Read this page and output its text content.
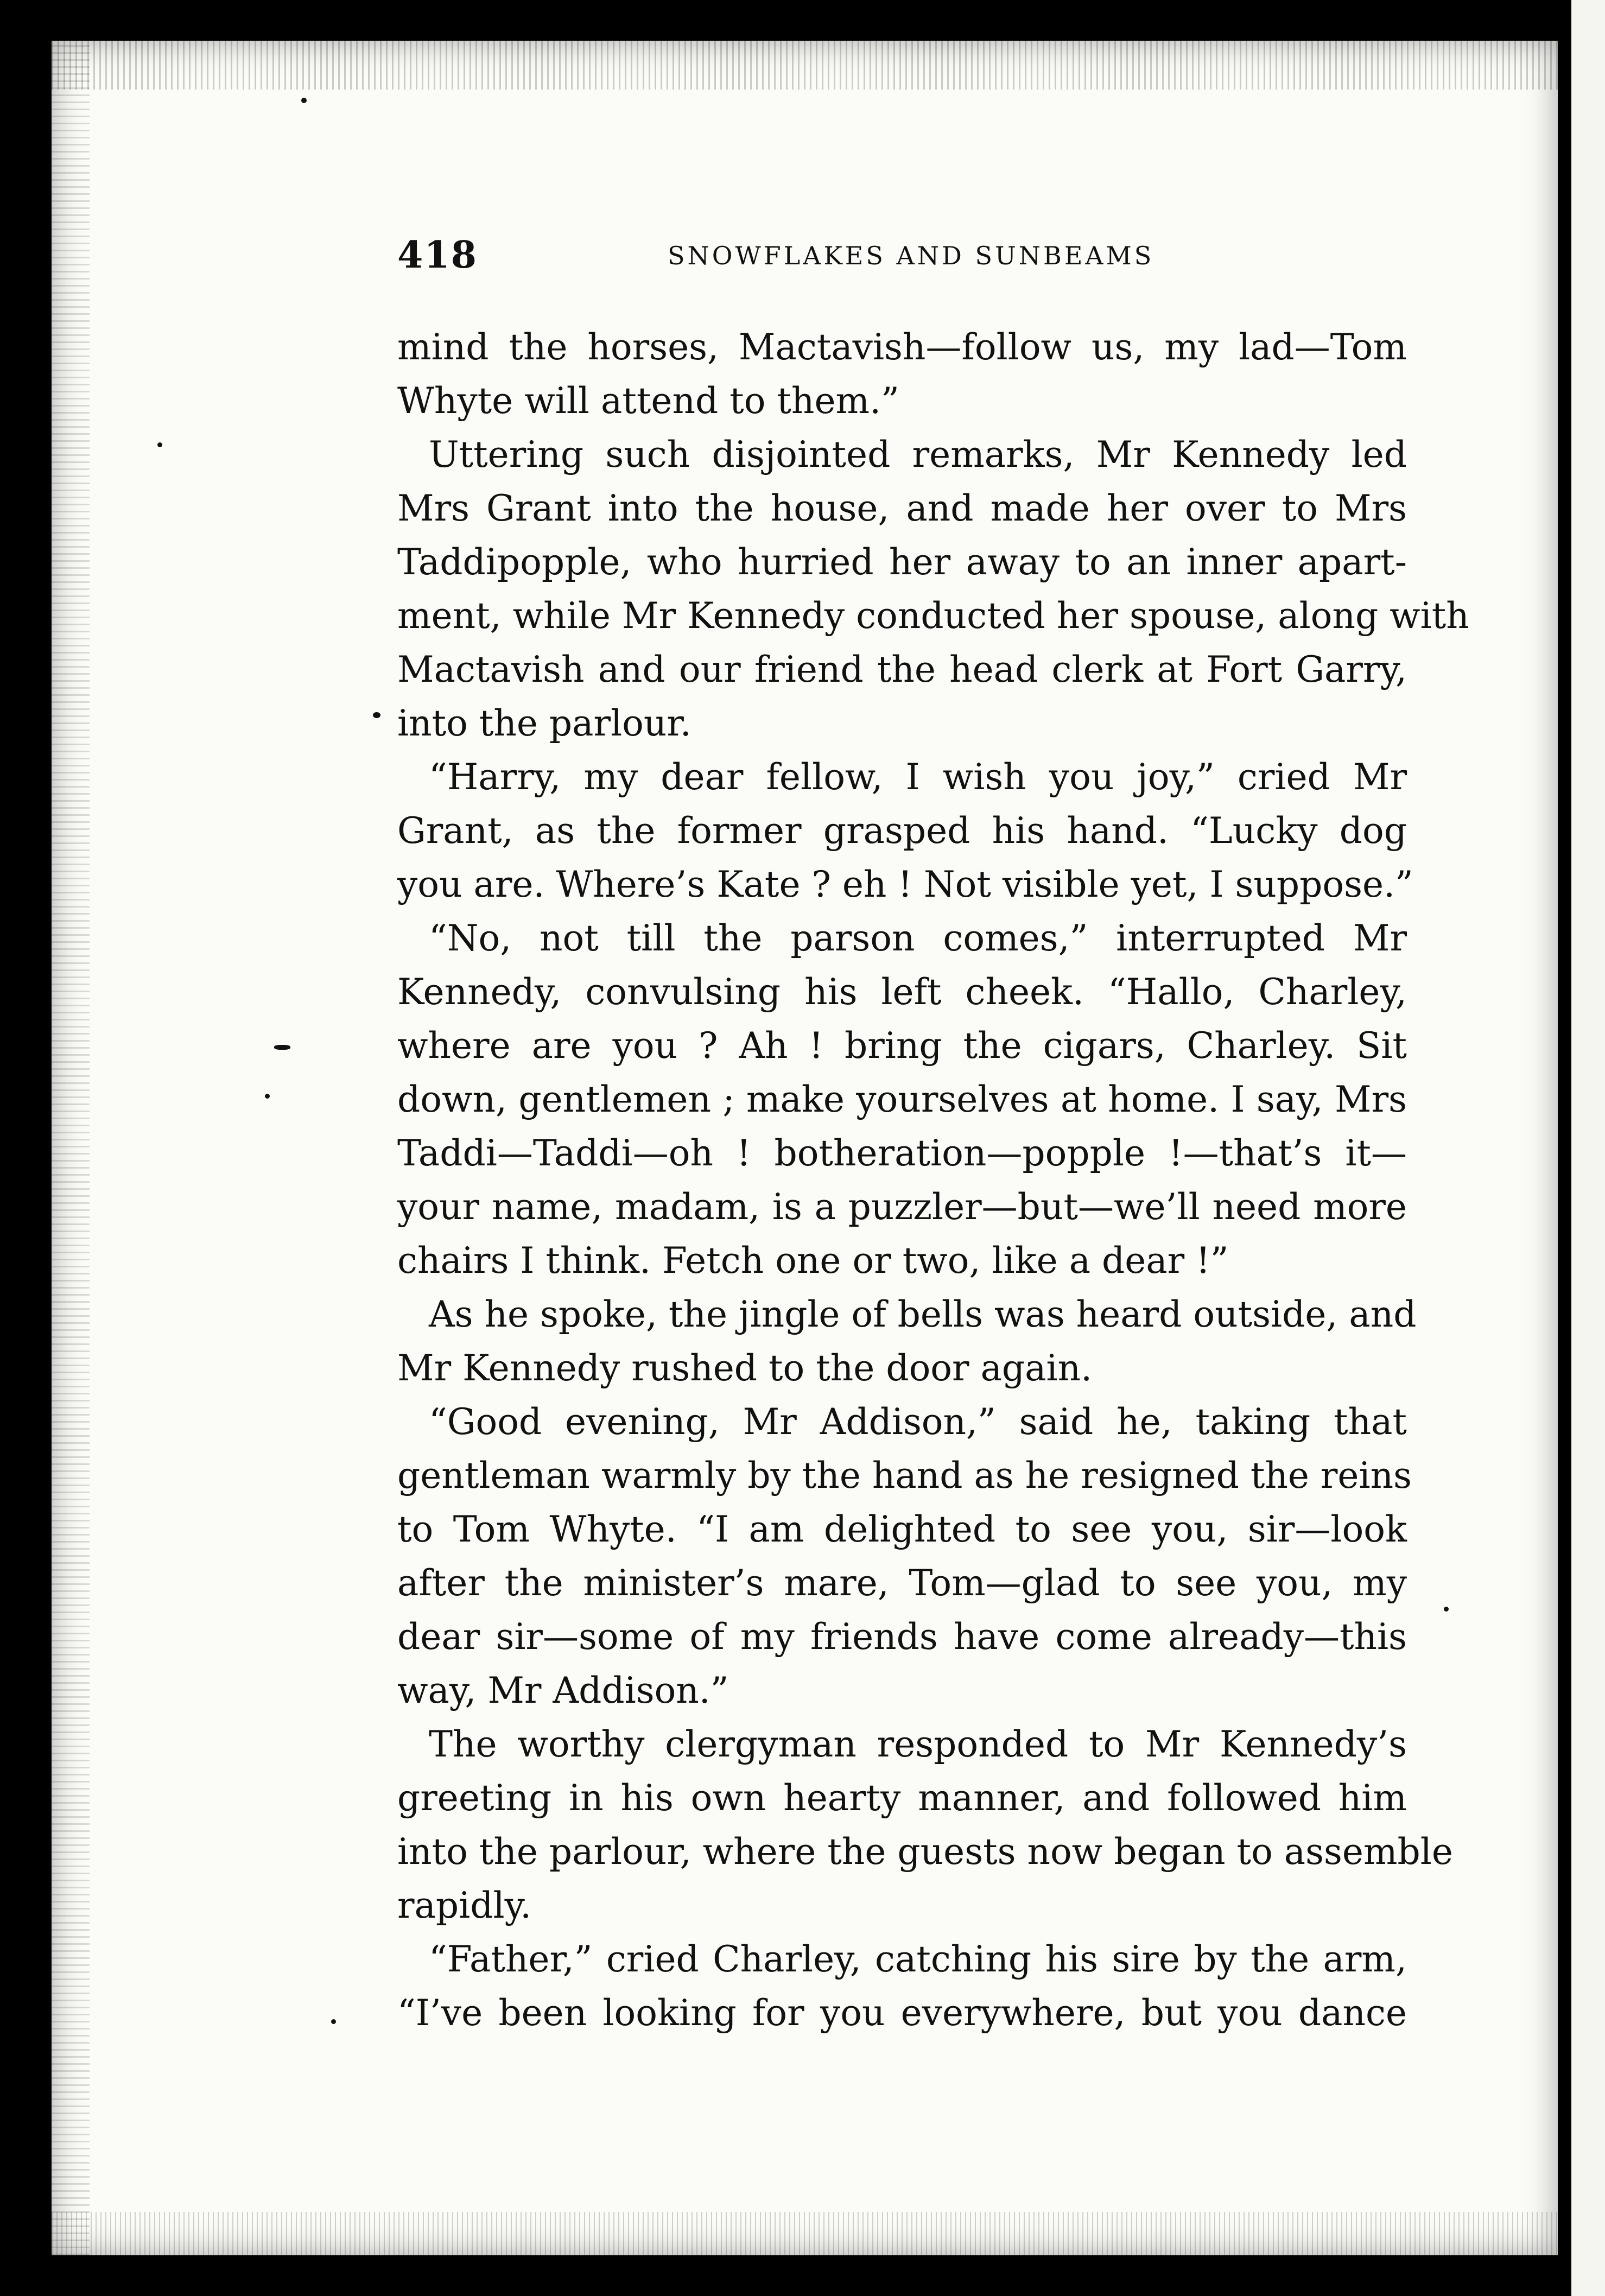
418	SNOWFLAKES AND SUNBEAMS
mind the horses, Mactavish—follow us, my lad—Tom
Whyte will attend to them.”
Uttering such disjointed remarks, Mr Kennedy led
Mrs Grant into the house, and made her over to Mrs
Taddipopple, who hurried her away to an inner apart-
ment, while Mr Kennedy conducted her spouse, along with
Mactavish and our friend the head clerk at Fort Garry,
into the parlour.
“Harry, my dear fellow, I wish you joy,” cried Mr
Grant, as the former grasped his hand. “Lucky dog
you are. Where’s Kate ? eh ! Not visible yet, I suppose.”
“No, not till the parson comes,” interrupted Mr
Kennedy, convulsing his left cheek. “Hallo, Charley,
where are you ? Ah ! bring the cigars, Charley. Sit
down, gentlemen ; make yourselves at home. I say, Mrs
Taddi—Taddi—oh ! botheration—popple !—that’s it—
your name, madam, is a puzzler—but—we’ll need more
chairs I think. Fetch one or two, like a dear !”
As he spoke, the jingle of bells was heard outside, and
Mr Kennedy rushed to the door again.
“Good evening, Mr Addison,” said he, taking that
gentleman warmly by the hand as he resigned the reins
to Tom Whyte. “I am delighted to see you, sir—look
after the minister’s mare, Tom—glad to see you, my
dear sir—some of my friends have come already—this
way, Mr Addison.”
The worthy clergyman responded to Mr Kennedy’s
greeting in his own hearty manner, and followed him
into the parlour, where the guests now began to assemble
rapidly.
“Father,” cried Charley, catching his sire by the arm,
“I’ve been looking for you everywhere, but you dance
